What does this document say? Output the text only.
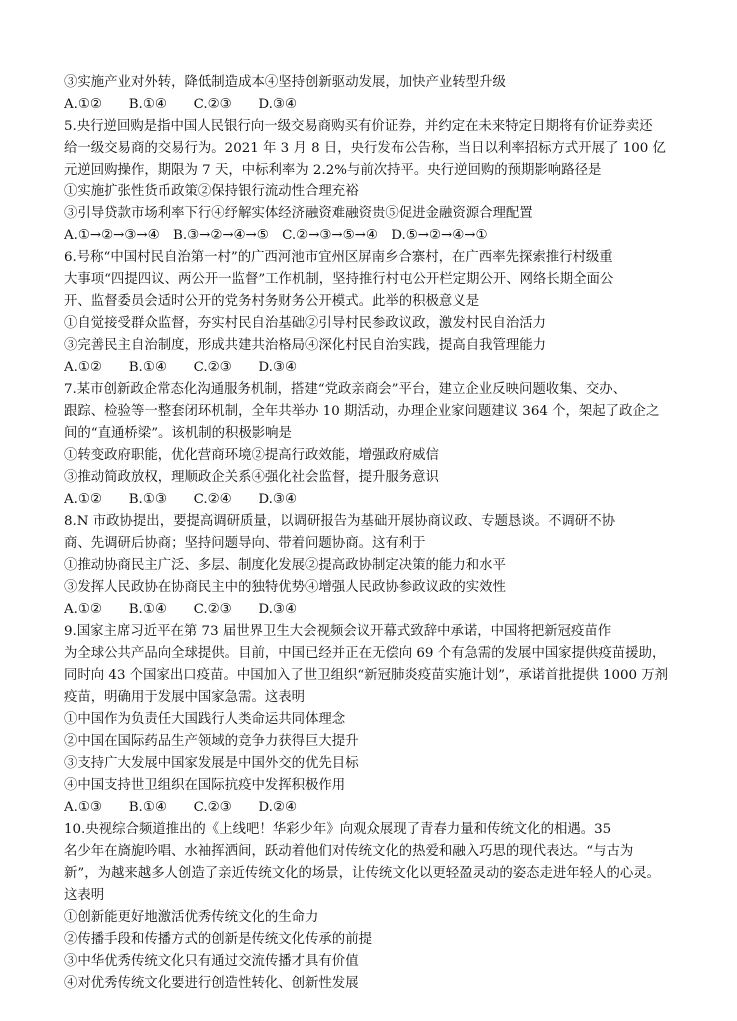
③实施产业对外转，降低制造成本④坚持创新驱动发展，加快产业转型升级
A.①②　　B.①④　　C.②③　　D.③④
5.央行逆回购是指中国人民银行向一级交易商购买有价证券，并约定在未来特定日期将有价证券卖还
给一级交易商的交易行为。2021 年 3 月 8 日，央行发布公告称，当日以利率招标方式开展了 100 亿
元逆回购操作，期限为 7 天，中标利率为 2.2%与前次持平。央行逆回购的预期影响路径是
①实施扩张性货币政策②保持银行流动性合理充裕
③引导贷款市场利率下行④纾解实体经济融资难融资贵⑤促进金融资源合理配置
A.①→②→③→④　B.③→②→④→⑤　C.②→③→⑤→④　D.⑤→②→④→①
6.号称“中国村民自治第一村”的广西河池市宜州区屏南乡合寨村，在广西率先探索推行村级重
大事项“四提四议、两公开一监督”工作机制，坚持推行村屯公开栏定期公开、网络长期全面公
开、监督委员会适时公开的党务村务财务公开模式。此举的积极意义是
①自觉接受群众监督，夯实村民自治基础②引导村民参政议政，激发村民自治活力
③完善民主自治制度，形成共建共治格局④深化村民自治实践，提高自我管理能力
A.①②　　B.①④　　C.②③　　D.③④
7.某市创新政企常态化沟通服务机制，搭建“党政亲商会”平台，建立企业反映问题收集、交办、
跟踪、检验等一整套闭环机制，全年共举办 10 期活动，办理企业家问题建议 364 个，架起了政企之
间的“直通桥梁”。该机制的积极影响是
①转变政府职能，优化营商环境②提高行政效能，增强政府威信
③推动简政放权，理顺政企关系④强化社会监督，提升服务意识
A.①②　　B.①③　　C.②④　　D.③④
8.N 市政协提出，要提高调研质量，以调研报告为基础开展协商议政、专题恳谈。不调研不协
商、先调研后协商；坚持问题导向、带着问题协商。这有利于
①推动协商民主广泛、多层、制度化发展②提高政协制定决策的能力和水平
③发挥人民政协在协商民主中的独特优势④增强人民政协参政议政的实效性
A.①②　　B.①④　　C.②③　　D.③④
9.国家主席习近平在第 73 届世界卫生大会视频会议开幕式致辞中承诺，中国将把新冠疫苗作
为全球公共产品向全球提供。目前，中国已经并正在无偿向 69 个有急需的发展中国家提供疫苗援助，
同时向 43 个国家出口疫苗。中国加入了世卫组织“新冠肺炎疫苗实施计划”，承诺首批提供 1000 万剂
疫苗，明确用于发展中国家急需。这表明
①中国作为负责任大国践行人类命运共同体理念
②中国在国际药品生产领域的竞争力获得巨大提升
③支持广大发展中国家发展是中国外交的优先目标
④中国支持世卫组织在国际抗疫中发挥积极作用
A.①③　　B.①④　　C.②③　　D.②④
10.央视综合频道推出的《上线吧！华彩少年》向观众展现了青春力量和传统文化的相遇。35
名少年在旖旎吟唱、水袖挥洒间，跃动着他们对传统文化的热爱和融入巧思的现代表达。“与古为
新”，为越来越多人创造了亲近传统文化的场景，让传统文化以更轻盈灵动的姿态走进年轻人的心灵。
这表明
①创新能更好地激活优秀传统文化的生命力
②传播手段和传播方式的创新是传统文化传承的前提
③中华优秀传统文化只有通过交流传播才具有价值
④对优秀传统文化要进行创造性转化、创新性发展
